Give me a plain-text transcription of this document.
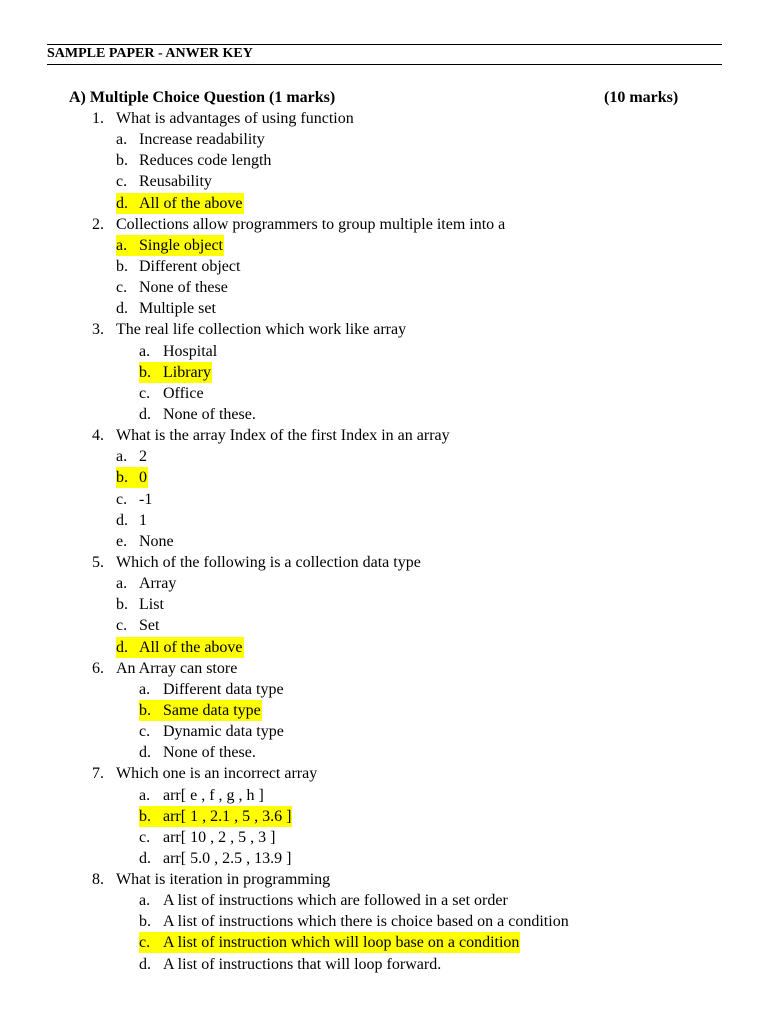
SAMPLE PAPER - ANWER KEY
A) Multiple Choice Question (1 marks)	(10 marks)
1. What is advantages of using function
a. Increase readability
b. Reduces code length
c. Reusability
d. All of the above
2. Collections allow programmers to group multiple item into a
a. Single object
b. Different object
c. None of these
d. Multiple set
3. The real life collection which work like array
a. Hospital
b. Library
c. Office
d. None of these.
4. What is the array Index of the first Index in an array
a. 2
b. 0
c. -1
d. 1
e. None
5. Which of the following is a collection data type
a. Array
b. List
c. Set
d. All of the above
6. An Array can store
a. Different data type
b. Same data type
c. Dynamic data type
d. None of these.
7. Which one is an incorrect array
a. arr[ e , f , g , h ]
b. arr[ 1 , 2.1 , 5 , 3.6 ]
c. arr[ 10 , 2 , 5 , 3 ]
d. arr[ 5.0 , 2.5 , 13.9 ]
8. What is iteration in programming
a. A list of instructions which are followed in a set order
b. A list of instructions which there is choice based on a condition
c. A list of instruction which will loop base on a condition
d. A list of instructions that will loop forward.
